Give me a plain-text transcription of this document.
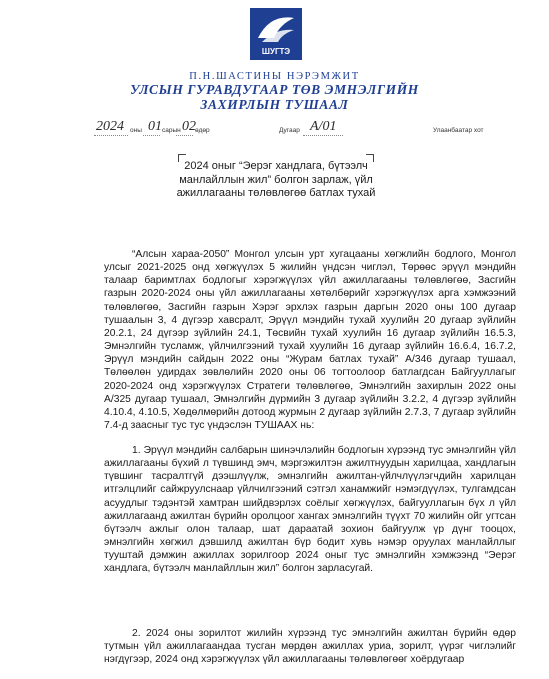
ШУГТЭ
П.Н.ШАСТИНЫ НЭРЭМЖИТ
УЛСЫН ГУРАВДУГААР ТӨВ ЭМНЭЛГИЙН
ЗАХИРЛЫН ТУШААЛ
2024 оны 01 сарын 02 өдөр	Дугаар А/01	Улаанбаатар хот
2024 оныг “Эерэг хандлага, бүтээлч
манлайллын жил” болгон зарлаж, үйл
ажиллагааны төлөвлөгөө батлах тухай

“Алсын хараа-2050” Монгол улсын урт хугацааны хөгжлийн бодлого, Монгол улсыг 2021-2025 онд хөгжүүлэх 5 жилийн үндсэн чиглэл, Төрөөс эрүүл мэндийн талаар баримтлах бодлогыг хэрэгжүүлэх үйл ажиллагааны төлөвлөгөө, Засгийн газрын 2020-2024 оны үйл ажиллагааны хөтөлбөрийг хэрэгжүүлэх арга хэмжээний төлөвлөгөө, Засгийн газрын Хэрэг эрхлэх газрын даргын 2020 оны 100 дугаар тушаалын 3, 4 дүгээр хавсралт, Эрүүл мэндийн тухай хуулийн 20 дугаар зүйлийн 20.2.1, 24 дүгээр зүйлийн 24.1, Төсвийн тухай хуулийн 16 дугаар зүйлийн 16.5.3, Эмнэлгийн тусламж, үйлчилгээний тухай хуулийн 16 дугаар зүйлийн 16.6.4, 16.7.2, Эрүүл мэндийн сайдын 2022 оны “Журам батлах тухай” А/346 дугаар тушаал, Төлөөлөн удирдах зөвлөлийн 2020 оны 06 тогтоолоор батлагдсан Байгууллагыг 2020-2024 онд хэрэгжүүлэх Стратеги төлөвлөгөө, Эмнэлгийн захирлын 2022 оны А/325 дугаар тушаал, Эмнэлгийн дүрмийн 3 дугаар зүйлийн 3.2.2, 4 дүгээр зүйлийн 4.10.4, 4.10.5, Хөдөлмөрийн дотоод журмын 2 дугаар зүйлийн 2.7.3, 7 дугаар зүйлийн 7.4-д заасныг тус тус үндэслэн ТУШААХ нь:

1. Эрүүл мэндийн салбарын шинэчлэлийн бодлогын хүрээнд тус эмнэлгийн үйл ажиллагааны бүхий л түвшинд эмч, мэргэжилтэн ажилтнуудын харилцаа, хандлагын түвшинг тасралтгүй дээшлүүлж, эмнэлгийн ажилтан-үйлчлүүлэгчдийн харилцан итгэлцлийг сайжруулснаар үйлчилгээний сэтгэл ханамжийг нэмэгдүүлэх, тулгамдсан асуудлыг тэдэнтэй хамтран шийдвэрлэх соёлыг хөгжүүлэх, байгууллагын бүх л үйл ажиллагаанд ажилтан бүрийн оролцоог хангах эмнэлгийн түүхт 70 жилийн ойг угтсан бүтээлч ажлыг олон талаар, шат дараатай зохион байгуулж үр дүнг тооцох, эмнэлгийн хөгжил дэвшилд ажилтан бүр бодит хувь нэмэр оруулах манлайллыг тууштай дэмжин ажиллах зорилгоор 2024 оныг тус эмнэлгийн хэмжээнд “Эерэг хандлага, бүтээлч манлайллын жил” болгон зарласугай.

2. 2024 оны зорилтот жилийн хүрээнд тус эмнэлгийн ажилтан бүрийн өдөр тутмын үйл ажиллагаандаа тусган мөрдөн ажиллах уриа, зорилт, үүрэг чиглэлийг нэгдүгээр, 2024 онд хэрэгжүүлэх үйл ажиллагааны төлөвлөгөөг хоёрдугаар
